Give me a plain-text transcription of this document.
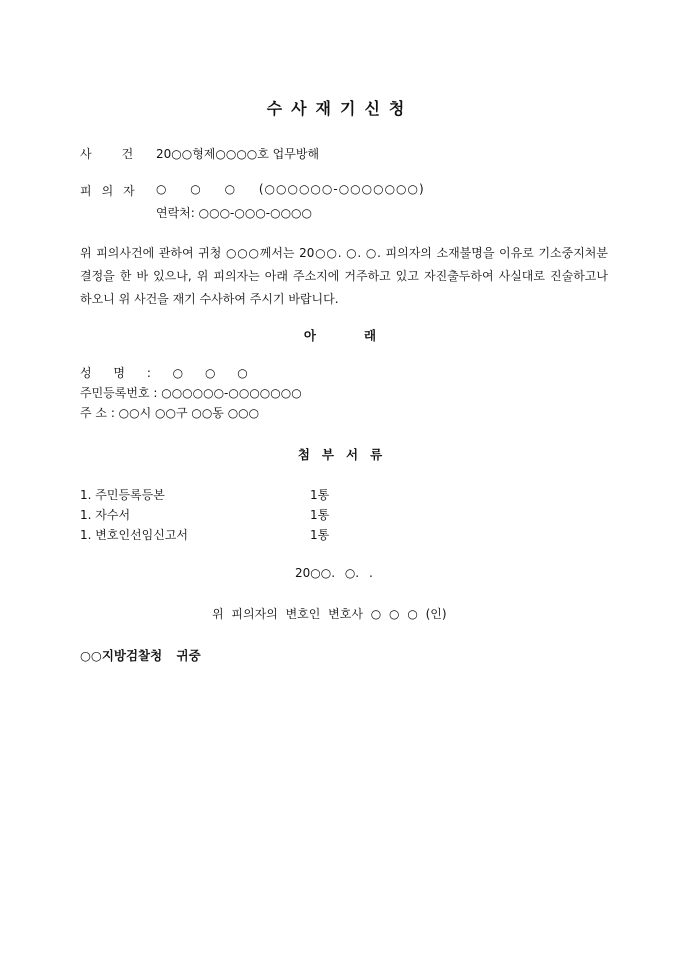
수사재기신청
사건
20○○형제○○○○호 업무방해
피의자 ○ ○ ○ (○○○○○○-○○○○○○○)
연락처: ○○○-○○○-○○○○
위 피의사건에 관하여 귀청 ○○○께서는 20○○. ○. ○. 피의자의 소재불명을 이유로 기소중지처분 결정을 한 바 있으나, 위 피의자는 아래 주소지에 거주하고 있고 자진출두하여 사실대로 진술하고나 하오니 위 사건을 재기 수사하여 주시기 바랍니다.
아래
성 명 : ○ ○ ○
주민등록번호 : ○○○○○○-○○○○○○○
주 소 : ○○시 ○○구 ○○동 ○○○
첨부서류
1. 주민등록등본	1통
1. 자수서	1통
1. 변호인선임신고서	1통
20○○. ○. .
위 피의자의 변호인 변호사 ○ ○ ○ (인)
○○지방검찰청 귀중
